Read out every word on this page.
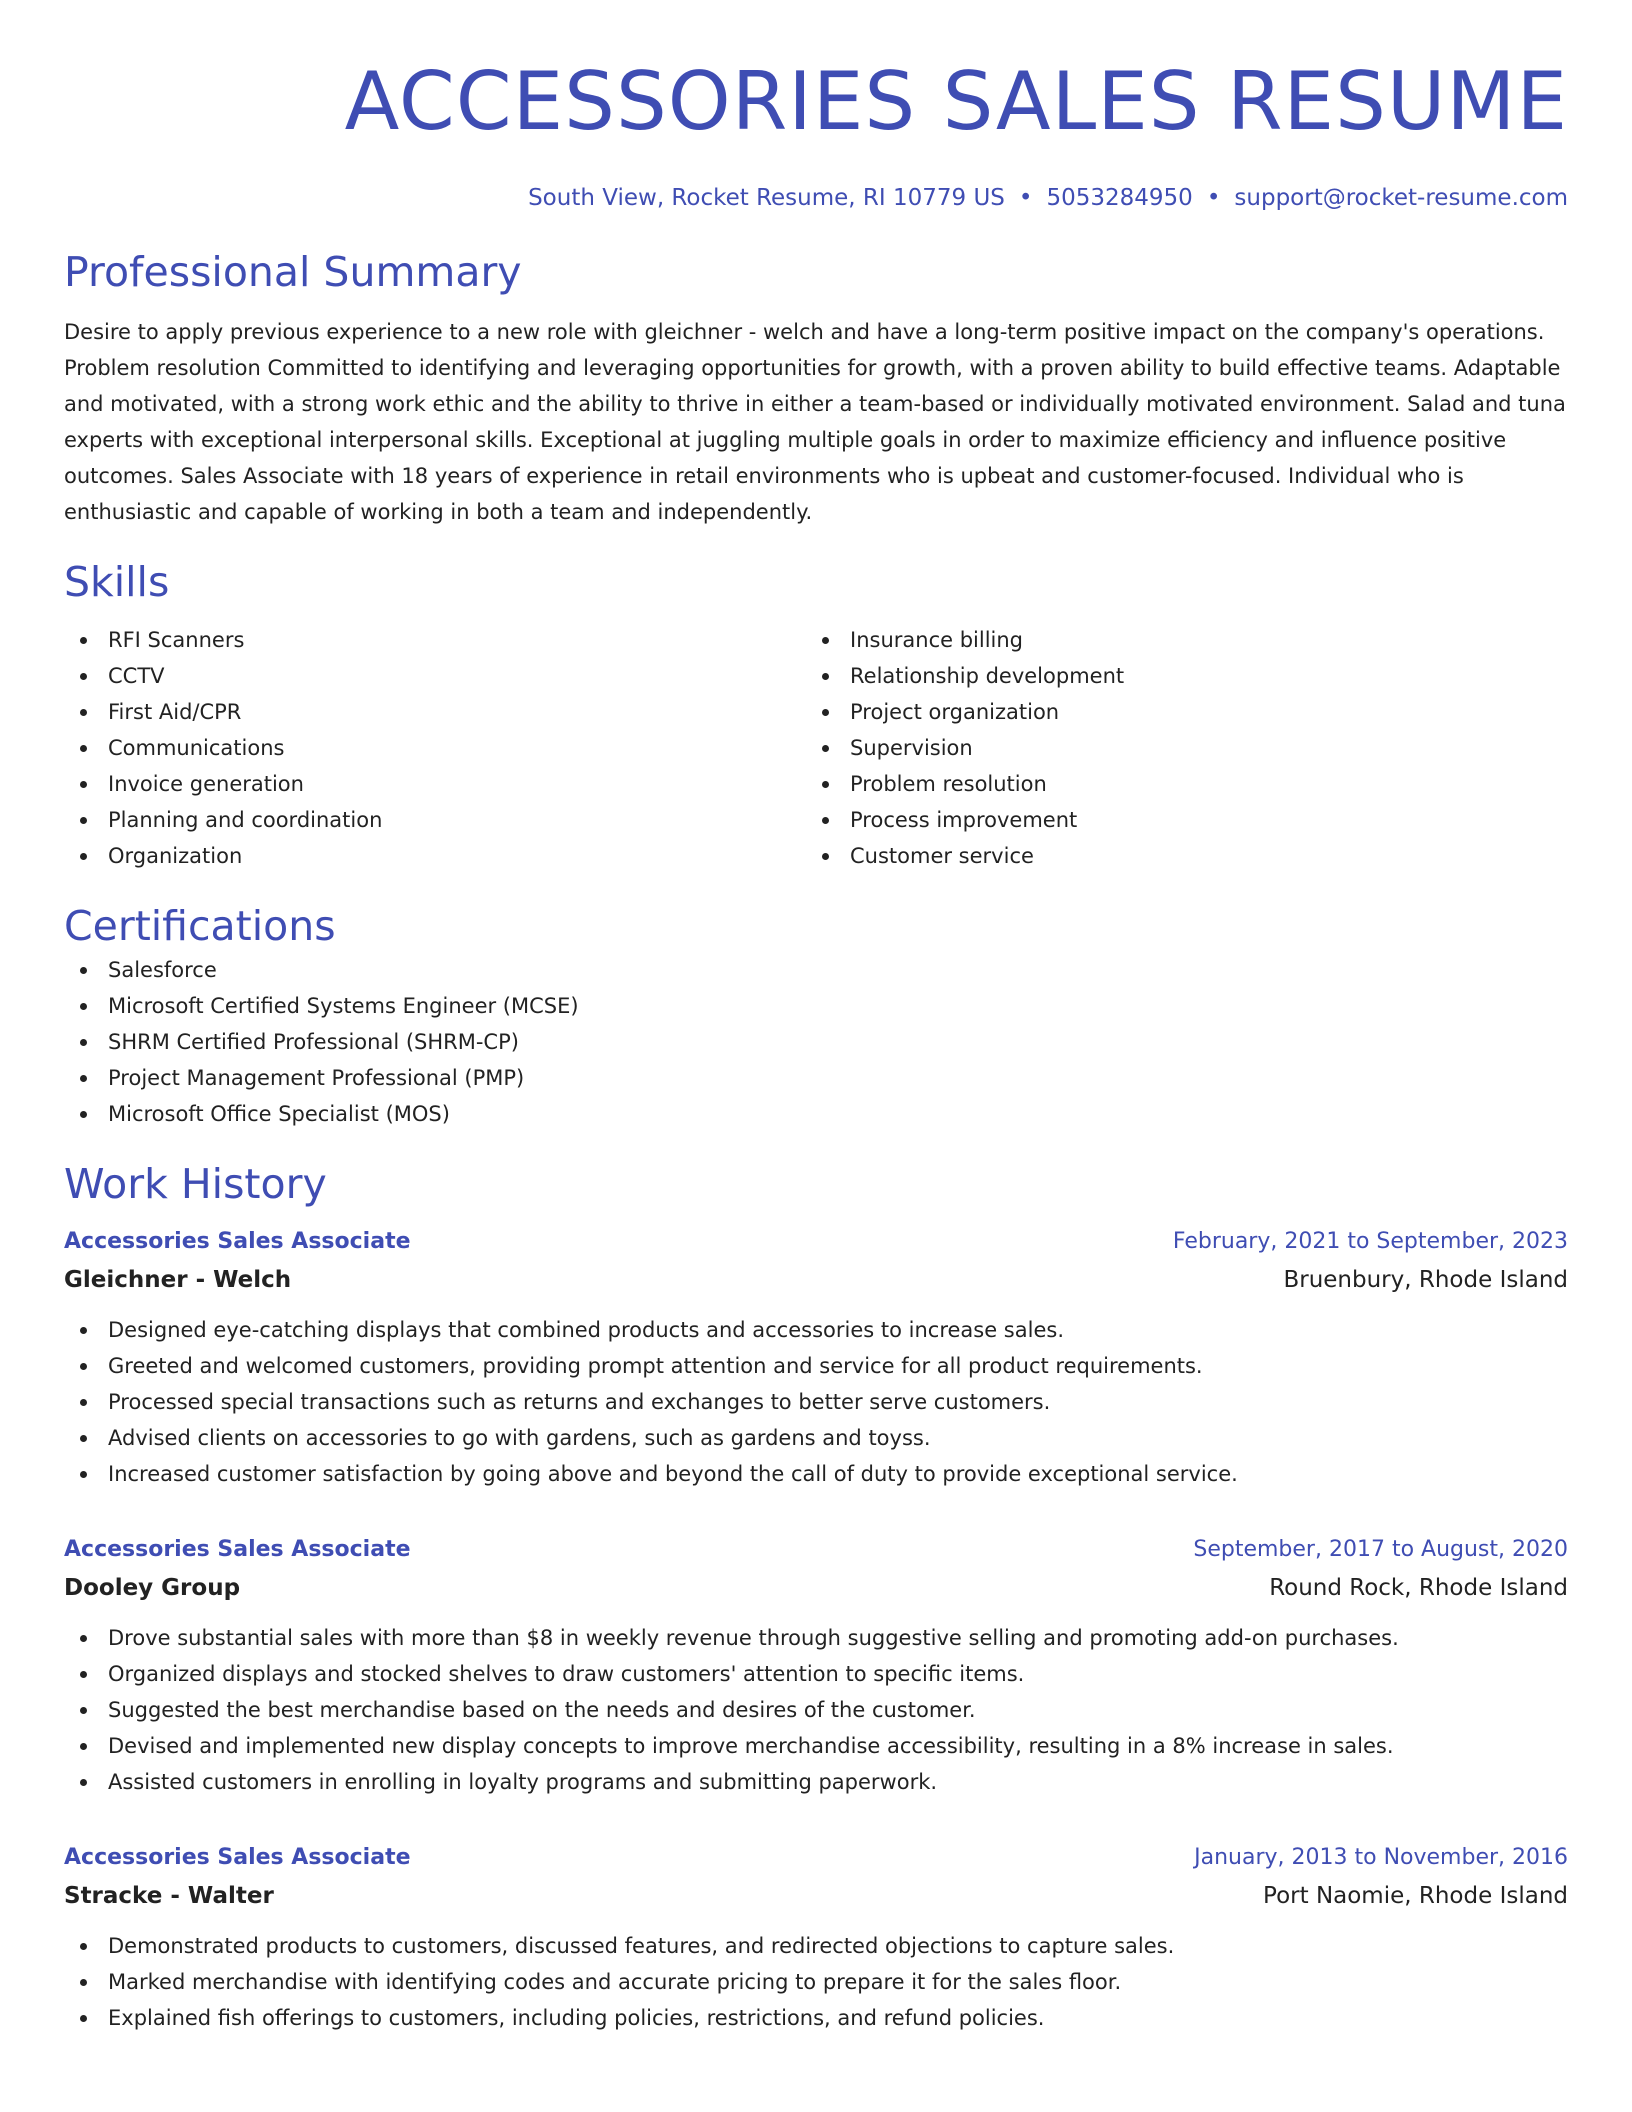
ACCESSORIES SALES RESUME
South View, Rocket Resume, RI 10779 US • 5053284950 • support@rocket-resume.com
Professional Summary

Desire to apply previous experience to a new role with gleichner - welch and have a long-term positive impact on the company's operations. Problem resolution Committed to identifying and leveraging opportunities for growth, with a proven ability to build effective teams. Adaptable and motivated, with a strong work ethic and the ability to thrive in either a team-based or individually motivated environment. Salad and tuna experts with exceptional interpersonal skills. Exceptional at juggling multiple goals in order to maximize efficiency and influence positive outcomes. Sales Associate with 18 years of experience in retail environments who is upbeat and customer-focused. Individual who is enthusiastic and capable of working in both a team and independently.

Skills
RFI Scanners
CCTV
First Aid/CPR
Communications
Invoice generation
Planning and coordination
Organization
Insurance billing
Relationship development
Project organization
Supervision
Problem resolution
Process improvement
Customer service
Certifications
Salesforce
Microsoft Certified Systems Engineer (MCSE)
SHRM Certified Professional (SHRM-CP)
Project Management Professional (PMP)
Microsoft Office Specialist (MOS)
Work History
Accessories Sales Associate	February, 2021 to September, 2023
Gleichner - Welch	Bruenbury, Rhode Island
Designed eye-catching displays that combined products and accessories to increase sales.
Greeted and welcomed customers, providing prompt attention and service for all product requirements.
Processed special transactions such as returns and exchanges to better serve customers.
Advised clients on accessories to go with gardens, such as gardens and toyss.
Increased customer satisfaction by going above and beyond the call of duty to provide exceptional service.
Accessories Sales Associate	September, 2017 to August, 2020
Dooley Group	Round Rock, Rhode Island
Drove substantial sales with more than $8 in weekly revenue through suggestive selling and promoting add-on purchases.
Organized displays and stocked shelves to draw customers' attention to specific items.
Suggested the best merchandise based on the needs and desires of the customer.
Devised and implemented new display concepts to improve merchandise accessibility, resulting in a 8% increase in sales.
Assisted customers in enrolling in loyalty programs and submitting paperwork.
Accessories Sales Associate	January, 2013 to November, 2016
Stracke - Walter	Port Naomie, Rhode Island
Demonstrated products to customers, discussed features, and redirected objections to capture sales.
Marked merchandise with identifying codes and accurate pricing to prepare it for the sales floor.
Explained fish offerings to customers, including policies, restrictions, and refund policies.
